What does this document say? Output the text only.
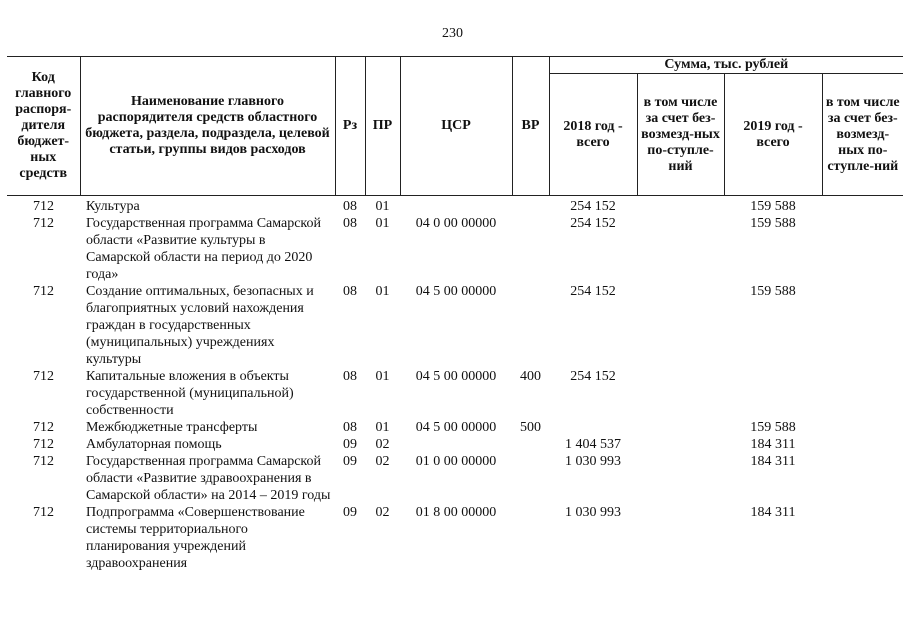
230
Код главного распоря-дителя бюджет-ных средств	Наименование главного распорядителя средств областного бюджета, раздела, подраздела, целевой статьи, группы видов расходов	Рз	ПР	ЦСР	ВР	Сумма, тыс. рублей			
						2018 год - всего	в том числе за счет без-возмезд-ных по-ступле-ний	2019 год - всего	в том числе за счет без-возмезд-ных по-ступле-ний
712	Культура	08	01			254 152		159 588	
712	Государственная программа Самарской области «Развитие культуры в Самарской области на период до 2020 года»	08	01	04 0 00 00000		254 152		159 588	
712	Создание оптимальных, безопасных и благоприятных условий нахождения граждан в государственных (муниципальных) учреждениях культуры	08	01	04 5 00 00000		254 152		159 588	
712	Капитальные вложения в объекты государственной (муниципальной) собственности	08	01	04 5 00 00000	400	254 152			
712	Межбюджетные трансферты	08	01	04 5 00 00000	500			159 588	
712	Амбулаторная помощь	09	02			1 404 537		184 311	
712	Государственная программа Самарской области «Развитие здравоохранения в Самарской области» на 2014 – 2019 годы	09	02	01 0 00 00000		1 030 993		184 311	
712	Подпрограмма «Совершенствование системы территориального планирования учреждений здравоохранения	09	02	01 8 00 00000		1 030 993		184 311	
